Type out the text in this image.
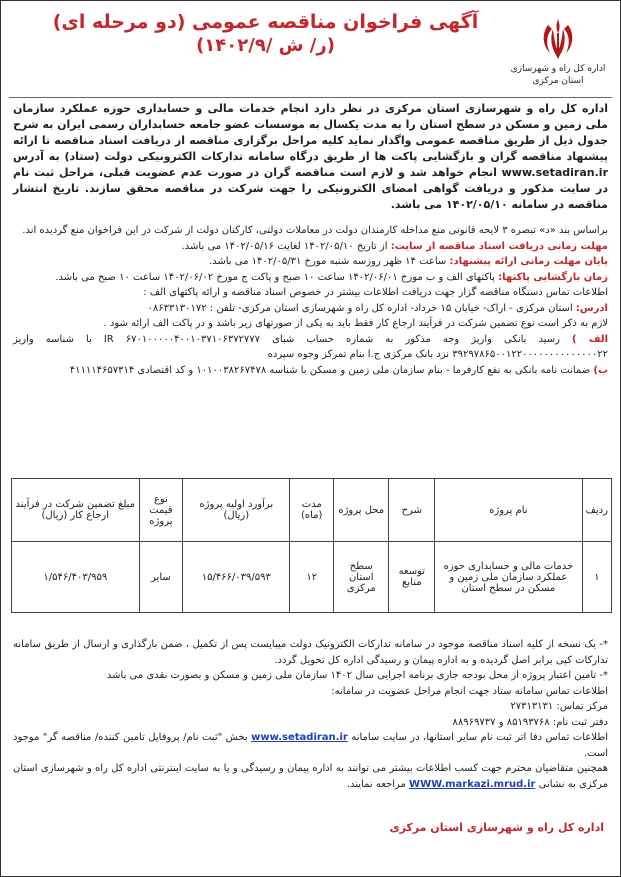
اداره کل راه و شهرسازی استان مرکزی
آگهی فراخوان مناقصه عمومی (دو مرحله ای)
(ر/ ش /۱۴۰۲/۹)
اداره کل راه و شهرسازی استان مرکزی در نظر دارد انجام خدمات مالی و حسابداری حوزه عملکرد سازمان ملی زمین و مسکن در سطح استان را به مدت یکسال به موسسات عضو جامعه حسابداران رسمی ایران به شرح جدول ذیل از طریق مناقصه عمومی واگذار نماید کلیه مراحل برگزاری مناقصه از دریافت اسناد مناقصه تا ارائه پیشنهاد مناقصه گران و بازگشایی پاکت ها از طریق درگاه سامانه تدارکات الکترونیکی دولت (ستاد) به آدرس www.setadiran.ir انجام خواهد شد و لازم است مناقصه گران در صورت عدم عضویت قبلی، مراحل ثبت نام در سایت مذکور و دریافت گواهی امضای الکترونیکی را جهت شرکت در مناقصه محقق سازند. تاریخ انتشار مناقصه در سامانه ۱۴۰۲/۰۵/۱۰ می باشد.

براساس بند «د» تبصره ۳ لایحه قانونی منع مداخله کارمندان دولت در معاملات دولتی، کارکنان دولت از شرکت در این فراخوان منع گردیده اند.

مهلت زمانی دریافت اسناد مناقصه از سایت: از تاریخ ۱۴۰۲/۰۵/۱۰ لغایت ۱۴۰۲/۰۵/۱۶ می باشد.

پایان مهلت زمانی ارائه پیشنهاد: ساعت ۱۴ ظهر روزسه شنبه مورخ ۱۴۰۲/۰۵/۳۱ می باشد.

زمان بازگشایی پاکتها: پاکتهای الف و ب مورخ ۱۴۰۲/۰۶/۰۱ ساعت ۱۰ صبح و پاکت ج مورخ ۱۴۰۲/۰۶/۰۲ ساعت ۱۰ صبح می باشد.

اطلاعات تماس دستگاه مناقصه گزار جهت دریافت اطلاعات بیشتر در خصوص اسناد مناقصه و ارائه پاکتهای الف :

ادرس: استان مرکزی - اراک- خیابان ۱۵ خرداد- اداره کل راه و شهرسازی استان مرکزی- تلفن : ۰۸۶۳۳۱۳۰۱۷۲

لازم به ذکر است نوع تضمین شرکت در فرآیند ارجاع کار فقط باید به یکی از صورتهای زیر باشد و در پاکت الف ارائه شود .

الف ) رسید بانکی واریز وجه مذکور به شماره حساب شبای IR ۶۷۰۱۰۰۰۰۰۴۰۰۱۰۳۷۱۰۶۳۷۲۷۷۷ با شناسه واریز ۳۹۲۹۷۸۶۵۰۰۱۲۲۰۰۰۰۰۰۰۰۰۰۰۰۰۰۲۲ نزد بانک مرکزی ج.ا بنام تمرکز وجوه سپرده

ب) ضمانت نامه بانکی به نفع کارفرما - بنام سازمان ملی زمین و مسکن با شناسه ۱۰۱۰۰۳۸۲۶۷۴۷۸ و کد اقتصادی ۴۱۱۱۱۴۶۵۷۳۱۴

ردیف	نام پروژه	شرح	محل پروژه	مدت (ماه)	برآورد اولیه پروژه (ریال)	نوع قیمت پروژه	مبلغ تضمین شرکت در فرآیند ارجاع کار (ریال)
۱	خدمات مالی و حسابداری حوزه عملکرد سازمان ملی زمین و مسکن در سطح استان	توسعه منابع	سطح استان مرکزی	۱۲	۱۵/۴۶۶/۰۳۹/۵۹۳	سایر	۱/۵۴۶/۴۰۳/۹۵۹

*- یک نسخه از کلیه اسناد مناقصه موجود در سامانه تدارکات الکترونیک دولت میبایست پس از تکمیل ، ضمن بارگذاری و ارسال از طریق سامانه تدارکات کپی برابر اصل گردیده و به اداره پیمان و رسیدگی اداره کل تحویل گردد.

*- تامین اعتبار پروژه از محل بودجه جاری برنامه اجرایی سال ۱۴۰۲ سازمان ملی زمین و مسکن و بصورت نقدی می باشد

اطلاعات تماس سامانه ستاد جهت انجام مراحل عضویت در سامانه:

مرکز تماس: ۲۷۳۱۳۱۳۱

دفتر ثبت نام: ۸۵۱۹۳۷۶۸ و ۸۸۹۶۹۷۳۷

اطلاعات تماس دفا اتر ثبت نام سایر استانها، در سایت سامانه www.setadiran.ir بخش "ثبت نام/ پروفایل تامین کننده/ مناقصه گر" موجود است.

همچنین متقاضیان محترم جهت کسب اطلاعات بیشتر می توانند به اداره پیمان و رسیدگی و یا به سایت اینترنتی اداره کل راه و شهرسازی استان مرکزی به نشانی WWW.markazi.mrud.ir مراجعه نمایند.

اداره کل راه و شهرسازی استان مرکزی
